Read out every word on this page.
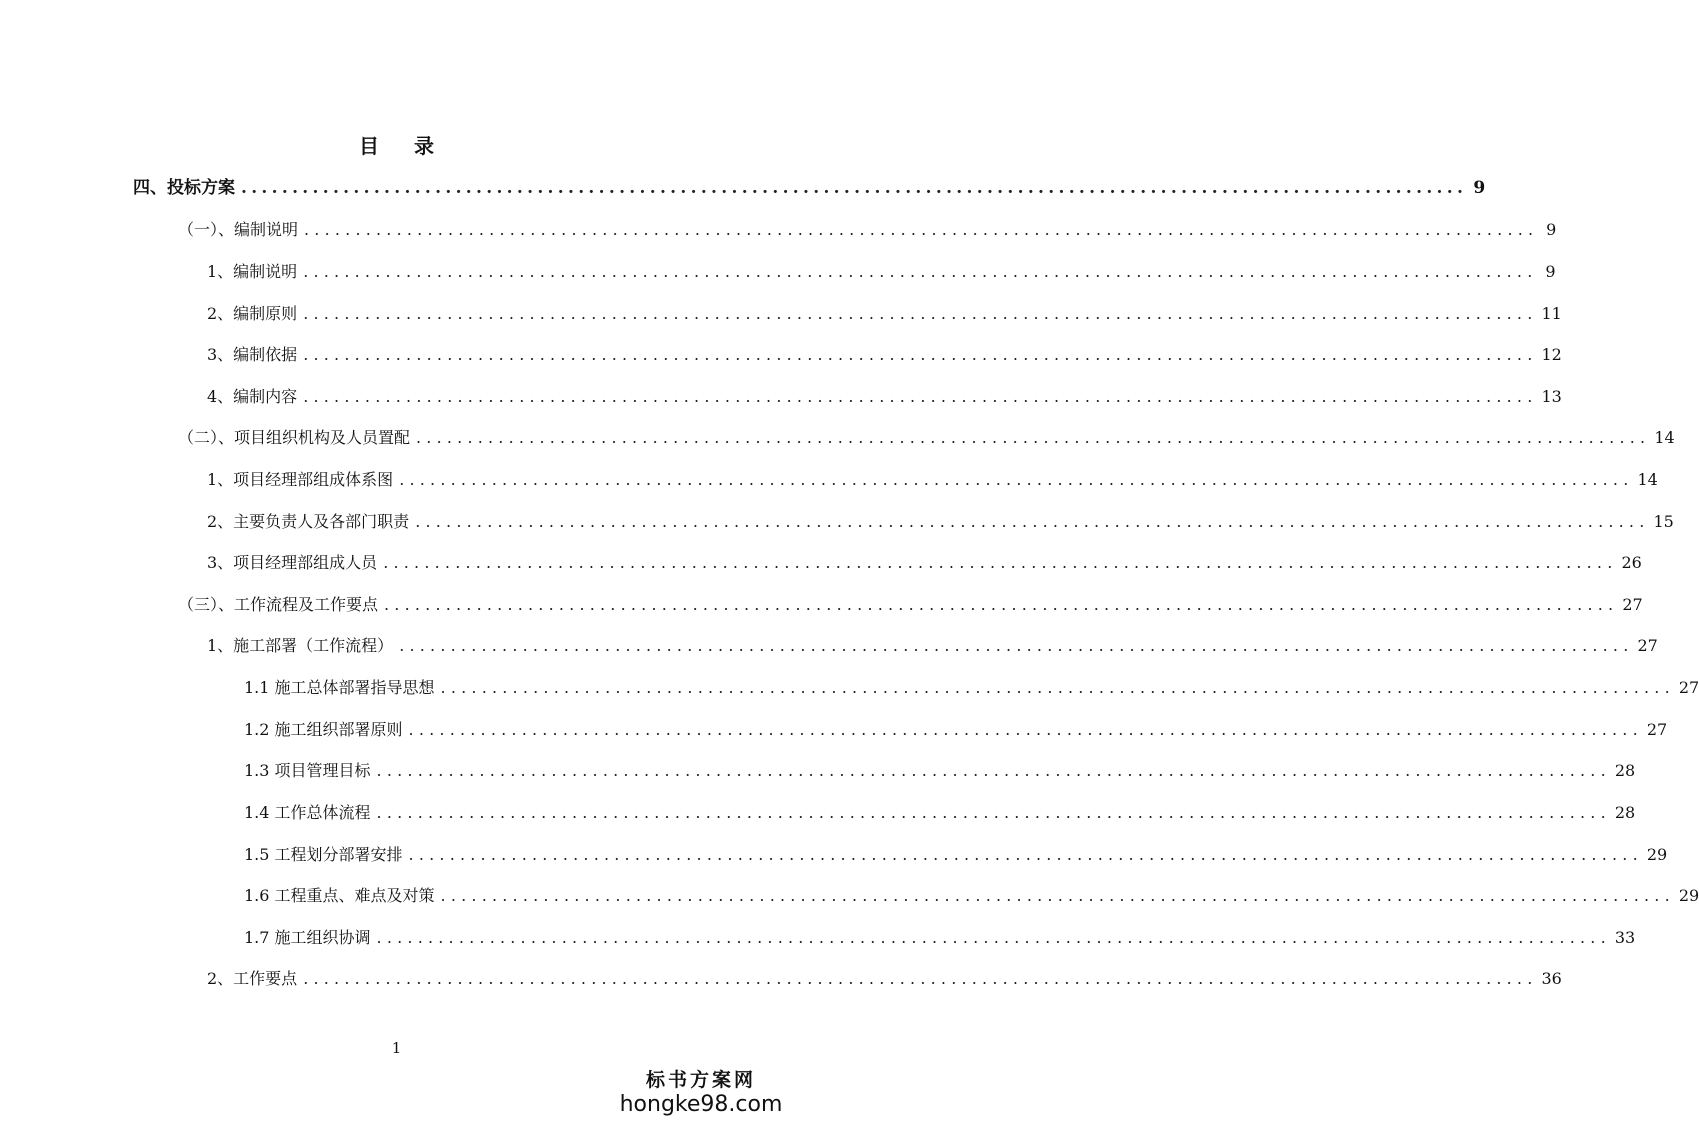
目 录
四、投标方案 ........................................................................................................................ 9
（一）、编制说明 ........................................................................................................................ 9
1、编制说明 ........................................................................................................................ 9
2、编制原则 ........................................................................................................................ 11
3、编制依据 ........................................................................................................................ 12
4、编制内容 ........................................................................................................................ 13
（二）、项目组织机构及人员置配 ........................................................................................................................ 14
1、项目经理部组成体系图 ........................................................................................................................ 14
2、主要负责人及各部门职责 ........................................................................................................................ 15
3、项目经理部组成人员 ........................................................................................................................ 26
（三）、工作流程及工作要点 ........................................................................................................................ 27
1、施工部署（工作流程） ........................................................................................................................ 27
1.1 施工总体部署指导思想 ........................................................................................................................ 27
1.2 施工组织部署原则 ........................................................................................................................ 27
1.3 项目管理目标 ........................................................................................................................ 28
1.4 工作总体流程 ........................................................................................................................ 28
1.5 工程划分部署安排 ........................................................................................................................ 29
1.6 工程重点、难点及对策 ........................................................................................................................ 29
1.7 施工组织协调 ........................................................................................................................ 33
2、工作要点 ........................................................................................................................ 36
1
标书方案网
hongke98.com
